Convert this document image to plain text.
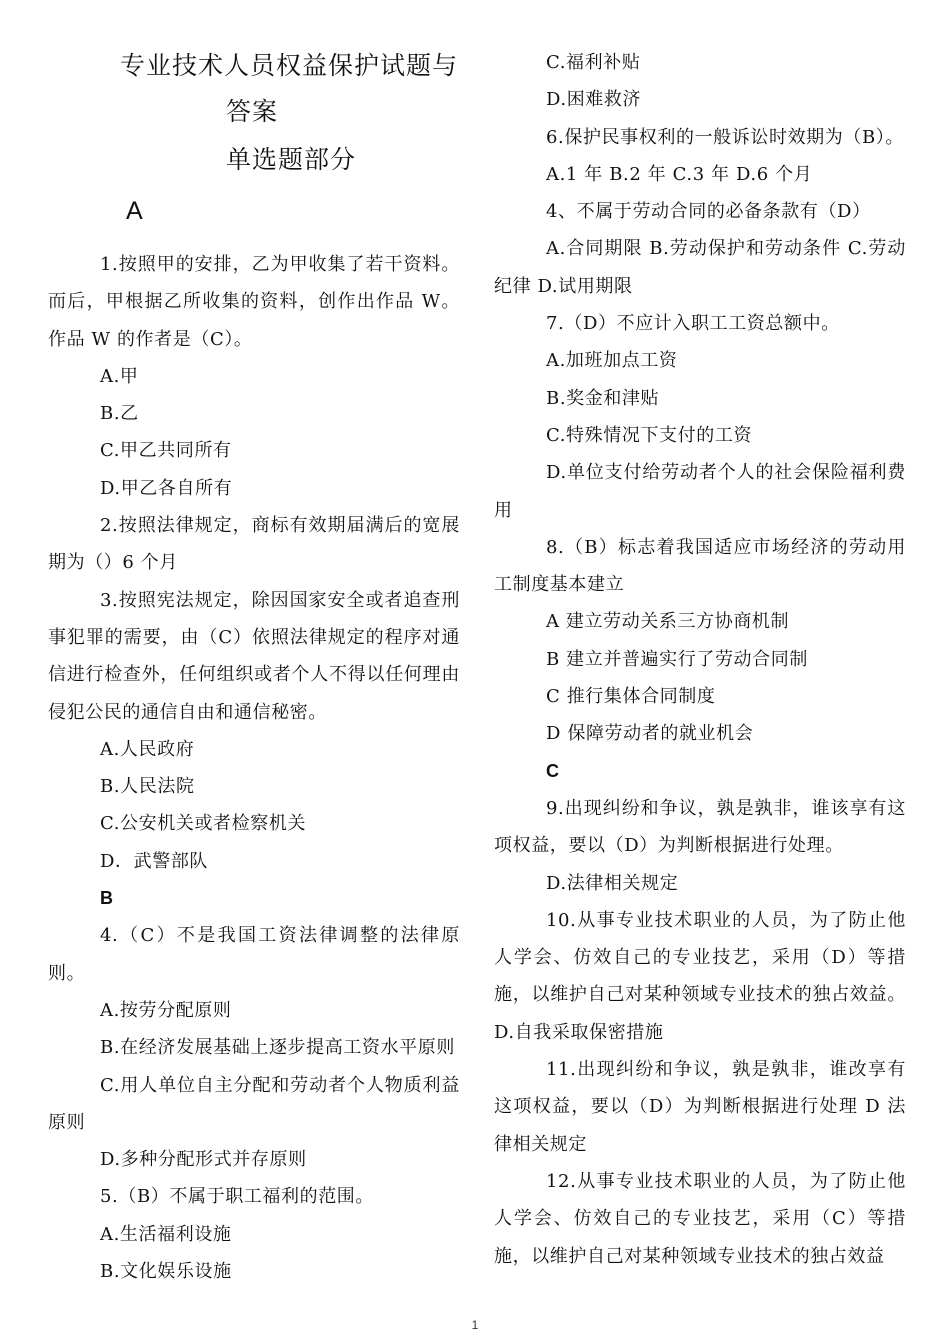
专业技术人员权益保护试题与
答案
单选题部分
A

1.按照甲的安排，乙为甲收集了若干资料。而后，甲根据乙所收集的资料，创作出作品 W。作品 W 的作者是（C）。

A.甲

B.乙

C.甲乙共同所有

D.甲乙各自所有

2.按照法律规定，商标有效期届满后的宽展期为（）6 个月

3.按照宪法规定，除因国家安全或者追查刑事犯罪的需要，由（C）依照法律规定的程序对通信进行检查外，任何组织或者个人不得以任何理由侵犯公民的通信自由和通信秘密。

A.人民政府

B.人民法院

C.公安机关或者检察机关

D．武警部队

B

4.（C）不是我国工资法律调整的法律原则。

A.按劳分配原则

B.在经济发展基础上逐步提高工资水平原则

C.用人单位自主分配和劳动者个人物质利益原则

D.多种分配形式并存原则

5.（B）不属于职工福利的范围。

A.生活福利设施

B.文化娱乐设施

C.福利补贴

D.困难救济

6.保护民事权利的一般诉讼时效期为（B）。

A.1 年 B.2 年 C.3 年 D.6 个月

4、不属于劳动合同的必备条款有（D）

A.合同期限 B.劳动保护和劳动条件 C.劳动纪律 D.试用期限

7.（D）不应计入职工工资总额中。

A.加班加点工资

B.奖金和津贴

C.特殊情况下支付的工资

D.单位支付给劳动者个人的社会保险福利费用

8.（B）标志着我国适应市场经济的劳动用工制度基本建立

A 建立劳动关系三方协商机制

B 建立并普遍实行了劳动合同制

C 推行集体合同制度

D 保障劳动者的就业机会

C

9.出现纠纷和争议，孰是孰非，谁该享有这项权益，要以（D）为判断根据进行处理。

D.法律相关规定

10.从事专业技术职业的人员，为了防止他人学会、仿效自己的专业技艺，采用（D）等措施，以维护自己对某种领域专业技术的独占效益。D.自我采取保密措施

11.出现纠纷和争议，孰是孰非，谁改享有这项权益，要以（D）为判断根据进行处理 D 法律相关规定

12.从事专业技术职业的人员，为了防止他人学会、仿效自己的专业技艺，采用（C）等措施，以维护自己对某种领域专业技术的独占效益

1
